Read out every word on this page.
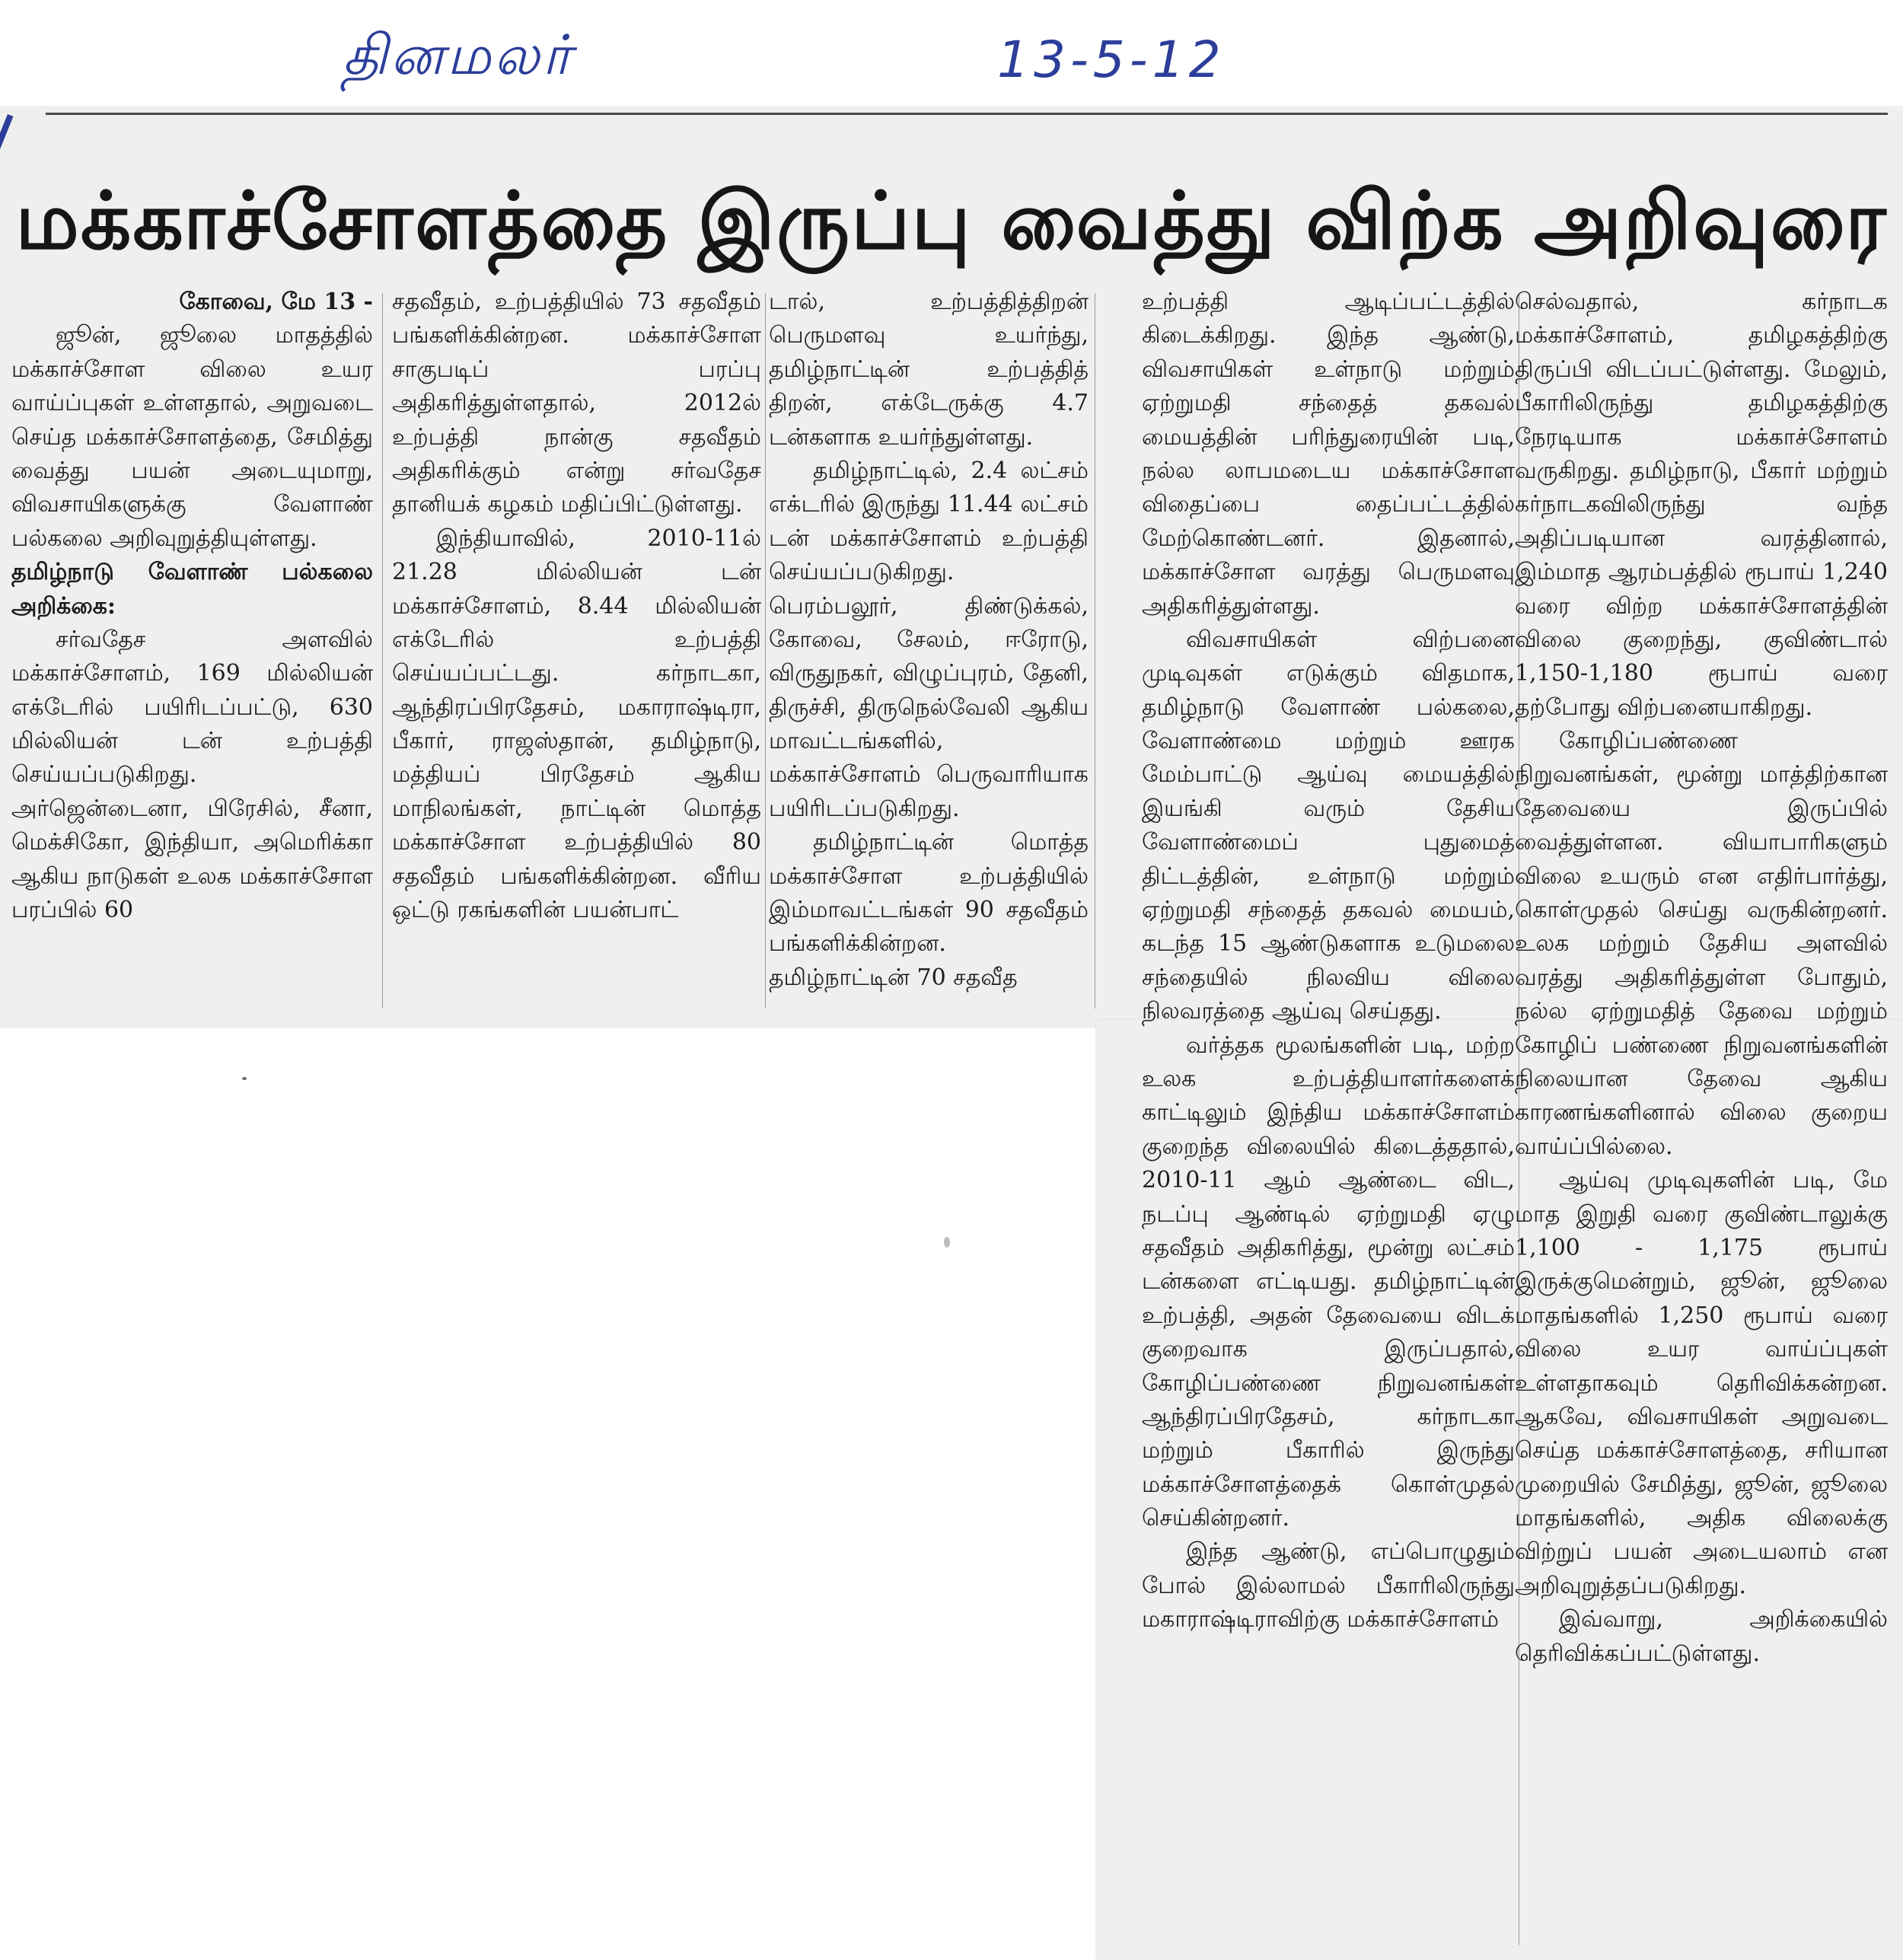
தினமலர்	13-5-12
மக்காச்சோளத்தை இருப்பு வைத்து விற்க அறிவுரை
கோவை, மே 13 -

ஜூன், ஜூலை மாதத்தில் மக்காச்சோள விலை உயர வாய்ப்புகள் உள்ளதால், அறுவடை செய்த மக்காச்சோளத்தை, சேமித்து வைத்து பயன் அடையுமாறு, விவசாயிகளுக்கு வேளாண் பல்கலை அறிவுறுத்தியுள்ளது.

தமிழ்நாடு வேளாண் பல்கலை அறிக்கை:

சர்வதேச அளவில் மக்காச்சோளம், 169 மில்லியன் எக்டேரில் பயிரிடப்பட்டு, 630 மில்லியன் டன் உற்பத்தி செய்யப்படுகிறது. அர்ஜென்டைனா, பிரேசில், சீனா, மெக்சிகோ, இந்தியா, அமெரிக்கா ஆகிய நாடுகள் உலக மக்காச்சோள பரப்பில் 60

சதவீதம், உற்பத்தியில் 73 சதவீதம் பங்களிக்கின்றன. மக்காச்சோள சாகுபடிப் பரப்பு அதிகரித்துள்ளதால், 2012ல் உற்பத்தி நான்கு சதவீதம் அதிகரிக்கும் என்று சர்வதேச தானியக் கழகம் மதிப்பிட்டுள்ளது.

இந்தியாவில், 2010-11ல் 21.28 மில்லியன் டன் மக்காச்சோளம், 8.44 மில்லியன் எக்டேரில் உற்பத்தி செய்யப்பட்டது. கர்நாடகா, ஆந்திரப்பிரதேசம், மகாராஷ்டிரா, பீகார், ராஜஸ்தான், தமிழ்நாடு, மத்தியப் பிரதேசம் ஆகிய மாநிலங்கள், நாட்டின் மொத்த மக்காச்சோள உற்பத்தியில் 80 சதவீதம் பங்களிக்கின்றன. வீரிய ஒட்டு ரகங்களின் பயன்பாட்

டால், உற்பத்தித்திறன் பெருமளவு உயர்ந்து, தமிழ்நாட்டின் உற்பத்தித் திறன், எக்டேருக்கு 4.7 டன்களாக உயர்ந்துள்ளது.

தமிழ்நாட்டில், 2.4 லட்சம் எக்டரில் இருந்து 11.44 லட்சம் டன் மக்காச்சோளம் உற்பத்தி செய்யப்படுகிறது. பெரம்பலூர், திண்டுக்கல், கோவை, சேலம், ஈரோடு, விருதுநகர், விழுப்புரம், தேனி, திருச்சி, திருநெல்வேலி ஆகிய மாவட்டங்களில், மக்காச்சோளம் பெருவாரியாக பயிரிடப்படுகிறது.

தமிழ்நாட்டின் மொத்த மக்காச்சோள உற்பத்தியில் இம்மாவட்டங்கள் 90 சதவீதம் பங்களிக்கின்றன. தமிழ்நாட்டின் 70 சதவீத

உற்பத்தி ஆடிப்பட்டத்தில் கிடைக்கிறது. இந்த ஆண்டு, விவசாயிகள் உள்நாடு மற்றும் ஏற்றுமதி சந்தைத் தகவல் மையத்தின் பரிந்துரையின் படி, நல்ல லாபமடைய மக்காச்சோள விதைப்பை தைப்பட்டத்தில் மேற்கொண்டனர். இதனால், மக்காச்சோள வரத்து பெருமளவு அதிகரித்துள்ளது.

விவசாயிகள் விற்பனை முடிவுகள் எடுக்கும் விதமாக, தமிழ்நாடு வேளாண் பல்கலை, வேளாண்மை மற்றும் ஊரக மேம்பாட்டு ஆய்வு மையத்தில் இயங்கி வரும் தேசிய வேளாண்மைப் புதுமைத் திட்டத்தின், உள்நாடு மற்றும் ஏற்றுமதி சந்தைத் தகவல் மையம், கடந்த 15 ஆண்டுகளாக உடுமலை சந்தையில் நிலவிய விலை நிலவரத்தை ஆய்வு செய்தது.

வர்த்தக மூலங்களின் படி, மற்ற உலக உற்பத்தியாளர்களைக் காட்டிலும் இந்திய மக்காச்சோளம் குறைந்த விலையில் கிடைத்ததால், 2010-11 ஆம் ஆண்டை விட, நடப்பு ஆண்டில் ஏற்றுமதி ஏழு சதவீதம் அதிகரித்து, மூன்று லட்சம் டன்களை எட்டியது. தமிழ்நாட்டின் உற்பத்தி, அதன் தேவையை விடக் குறைவாக இருப்பதால், கோழிப்பண்ணை நிறுவனங்கள் ஆந்திரப்பிரதேசம், கர்நாடகா மற்றும் பீகாரில் இருந்து மக்காச்சோளத்தைக் கொள்முதல் செய்கின்றனர்.

இந்த ஆண்டு, எப்பொழுதும் போல் இல்லாமல் பீகாரிலிருந்து மகாராஷ்டிராவிற்கு மக்காச்சோளம்

செல்வதால், கர்நாடக மக்காச்சோளம், தமிழகத்திற்கு திருப்பி விடப்பட்டுள்ளது. மேலும், பீகாரிலிருந்து தமிழகத்திற்கு நேரடியாக மக்காச்சோளம் வருகிறது. தமிழ்நாடு, பீகார் மற்றும் கர்நாடகவிலிருந்து வந்த அதிப்படியான வரத்தினால், இம்மாத ஆரம்பத்தில் ரூபாய் 1,240 வரை விற்ற மக்காச்சோளத்தின் விலை குறைந்து, குவிண்டால் 1,150-1,180 ரூபாய் வரை தற்போது விற்பனையாகிறது.

கோழிப்பண்ணை நிறுவனங்கள், மூன்று மாத்திற்கான தேவையை இருப்பில் வைத்துள்ளன. வியாபாரிகளும் விலை உயரும் என எதிர்பார்த்து, கொள்முதல் செய்து வருகின்றனர். உலக மற்றும் தேசிய அளவில் வரத்து அதிகரித்துள்ள போதும், நல்ல ஏற்றுமதித் தேவை மற்றும் கோழிப் பண்ணை நிறுவனங்களின் நிலையான தேவை ஆகிய காரணங்களினால் விலை குறைய வாய்ப்பில்லை.

ஆய்வு முடிவுகளின் படி, மே மாத இறுதி வரை குவிண்டாலுக்கு 1,100 - 1,175 ரூபாய் இருக்குமென்றும், ஜூன், ஜூலை மாதங்களில் 1,250 ரூபாய் வரை விலை உயர வாய்ப்புகள் உள்ளதாகவும் தெரிவிக்கன்றன. ஆகவே, விவசாயிகள் அறுவடை செய்த மக்காச்சோளத்தை, சரியான முறையில் சேமித்து, ஜூன், ஜூலை மாதங்களில், அதிக விலைக்கு விற்றுப் பயன் அடையலாம் என அறிவுறுத்தப்படுகிறது.

இவ்வாறு, அறிக்கையில் தெரிவிக்கப்பட்டுள்ளது.
